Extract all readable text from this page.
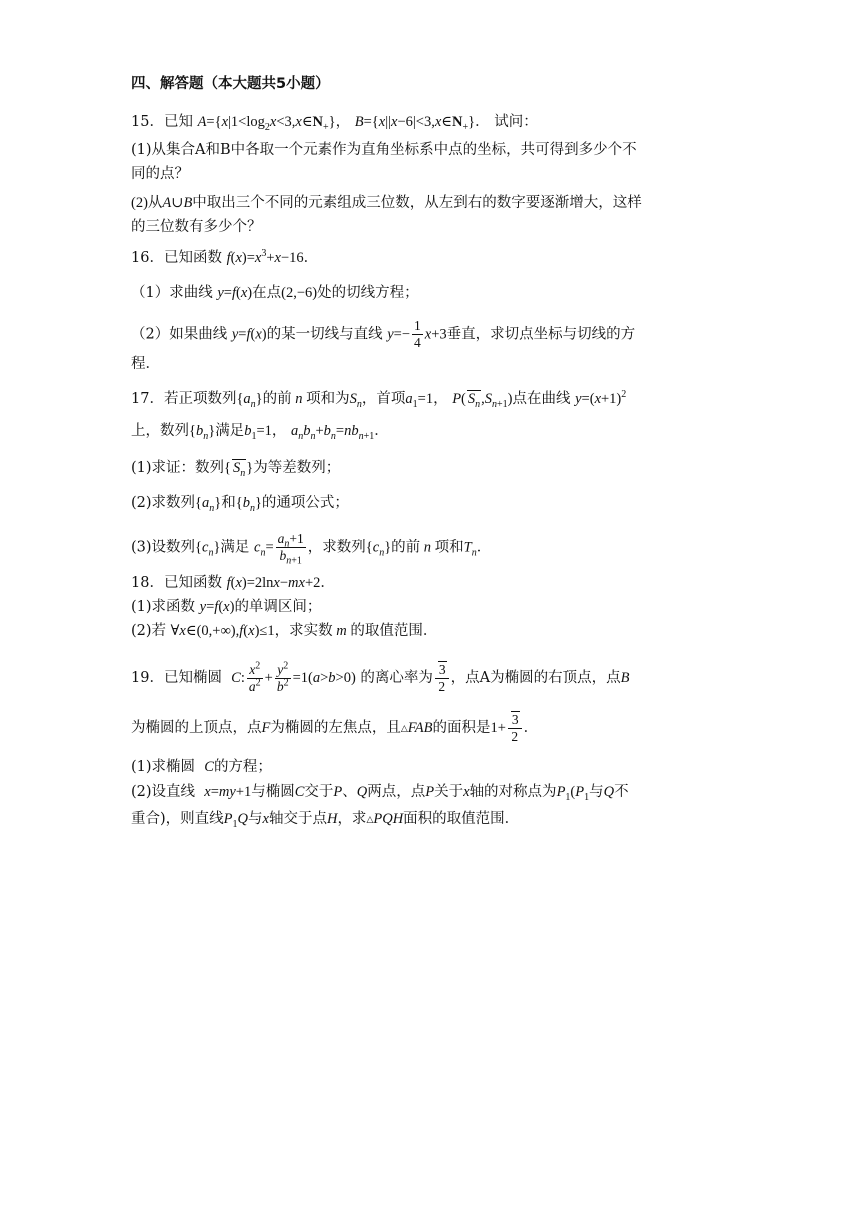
四、解答题（本大题共5小题）
15．已知 $A=\{x|1<\log_2x<3,x\in N_+\}$， $B=\{x||x-6|<3,x\in N_+\}$． 试问：
(1)从集合A和B中各取一个元素作为直角坐标系中点的坐标，共可得到多少个不
同的点？
(2)从A∪B中取出三个不同的元素组成三位数，从左到右的数字要逐渐增大，这样
的三位数有多少个？
16．已知函数 $f(x)=x^3+x-16$．
（1）求曲线 y=f(x)在点(2,−6)处的切线方程；
（2）如果曲线 y=f(x)的某一切线与直线 $y=- \frac{1}{4} x+3$垂直，求切点坐标与切线的方
程．
17．若正项数列$\{a_n\}$的前 n 项和为$S_n$，首项$a_1=1$， P( $S_n,S_{n+1}$)点在曲线 $y=(x+1)^2$
上，数列$\{b_n\}$满足$b_1=1$， $a_nb_n+b_n=nb_{n+1}$．
(1)求证：数列{ $S_n$}为等差数列；
(2)求数列$\{a_n\}$和$\{b_n\}$的通项公式；
(3)设数列$\{c_n\}$满足 $c_n= \frac{a_n+1}{b_{n+1}}$ ，求数列$\{c_n\}$的前 n 项和$T_n$．
18．已知函数 f(x)=2lnx−mx+2．
(1)求函数 y=f(x)的单调区间；
(2)若 ∀x∈(0,+∞),f(x)≤1，求实数 m 的取值范围．
19．已知椭圆 C: $\frac{x^2}{a^2} + \frac{y^2}{b^2} =1(a>b>0)$ 的离心率为 $\frac{3}{2}$ ，点A为椭圆的右顶点，点B
为椭圆的上顶点，点F为椭圆的左焦点，且△FAB的面积是$1+ \frac{3}{2}$ ．
(1)求椭圆 C的方程；
(2)设直线 x=my+1与椭圆C交于P、Q两点，点P关于x轴的对称点为$P_1(P_1$与Q不
重合)，则直线$P_1Q$与x轴交于点H，求△PQH面积的取值范围．
